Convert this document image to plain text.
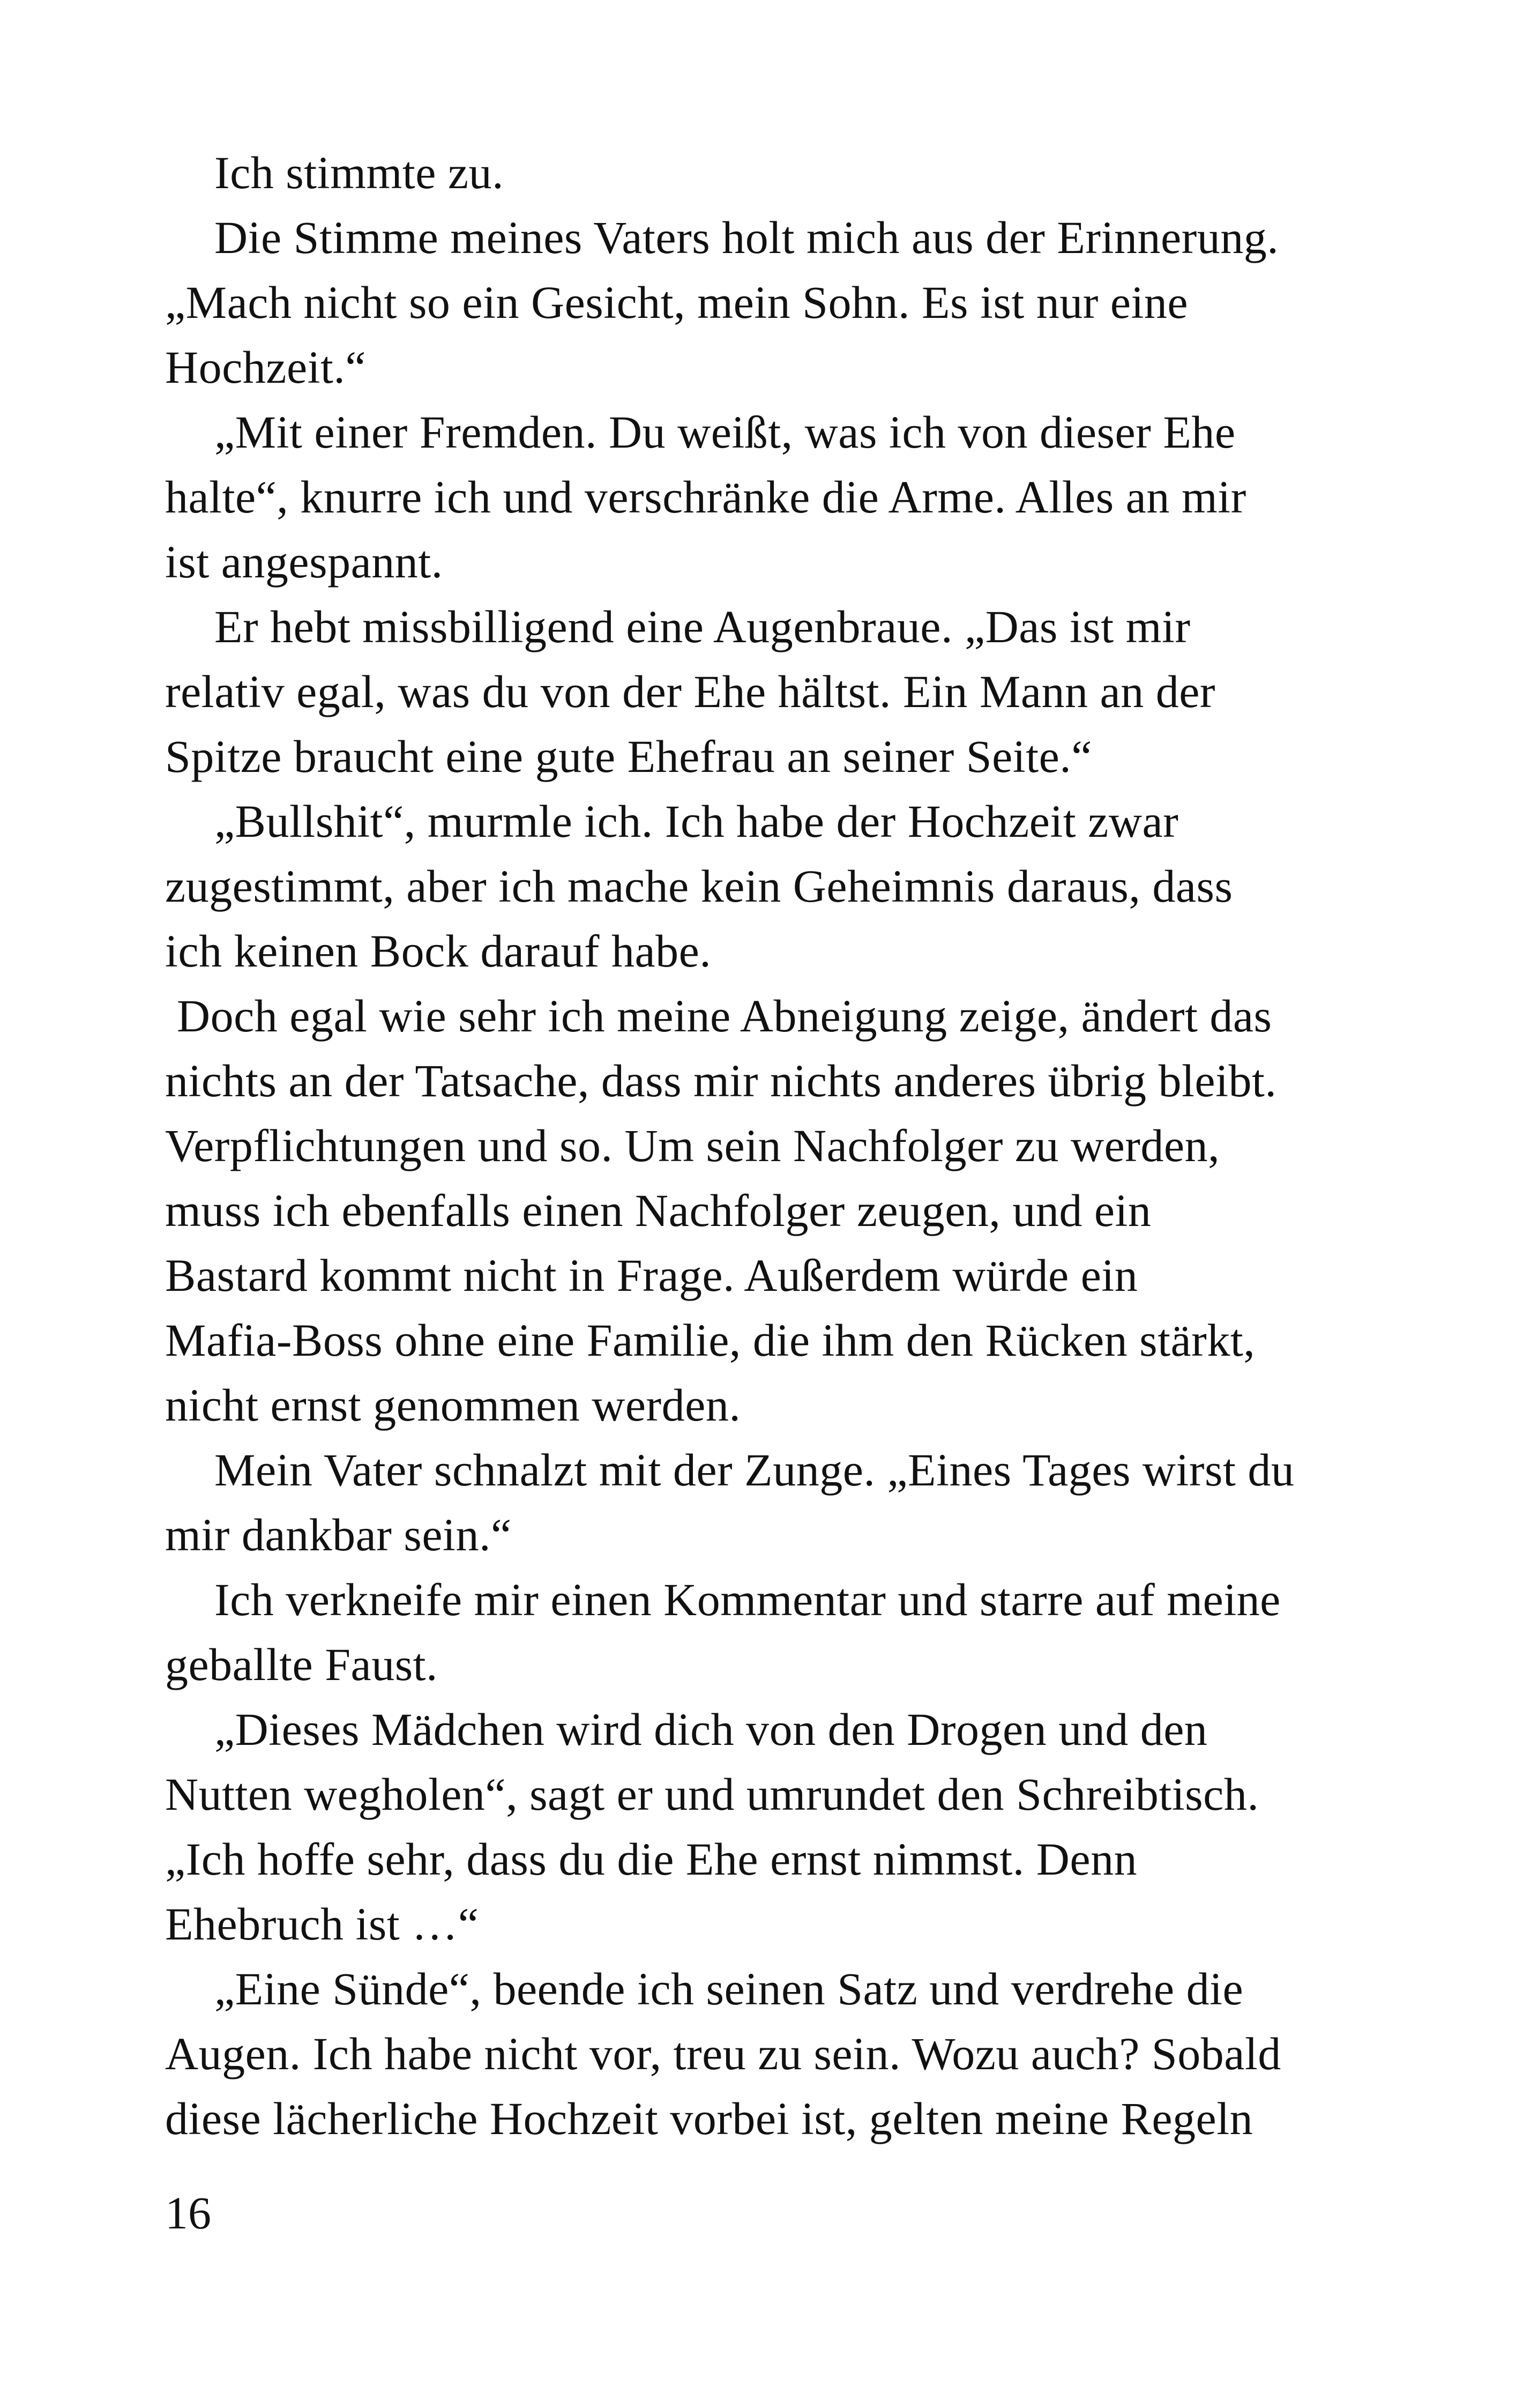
Ich stimmte zu.
Die Stimme meines Vaters holt mich aus der Erinnerung.
„Mach nicht so ein Gesicht, mein Sohn. Es ist nur eine
Hochzeit.“
„Mit einer Fremden. Du weißt, was ich von dieser Ehe
halte“, knurre ich und verschränke die Arme. Alles an mir
ist angespannt.
Er hebt missbilligend eine Augenbraue. „Das ist mir
relativ egal, was du von der Ehe hältst. Ein Mann an der
Spitze braucht eine gute Ehefrau an seiner Seite.“
„Bullshit“, murmle ich. Ich habe der Hochzeit zwar
zugestimmt, aber ich mache kein Geheimnis daraus, dass
ich keinen Bock darauf habe.
Doch egal wie sehr ich meine Abneigung zeige, ändert das
nichts an der Tatsache, dass mir nichts anderes übrig bleibt.
Verpflichtungen und so. Um sein Nachfolger zu werden,
muss ich ebenfalls einen Nachfolger zeugen, und ein
Bastard kommt nicht in Frage. Außerdem würde ein
Mafia-Boss ohne eine Familie, die ihm den Rücken stärkt,
nicht ernst genommen werden.
Mein Vater schnalzt mit der Zunge. „Eines Tages wirst du
mir dankbar sein.“
Ich verkneife mir einen Kommentar und starre auf meine
geballte Faust.
„Dieses Mädchen wird dich von den Drogen und den
Nutten wegholen“, sagt er und umrundet den Schreibtisch.
„Ich hoffe sehr, dass du die Ehe ernst nimmst. Denn
Ehebruch ist …“
„Eine Sünde“, beende ich seinen Satz und verdrehe die
Augen. Ich habe nicht vor, treu zu sein. Wozu auch? Sobald
diese lächerliche Hochzeit vorbei ist, gelten meine Regeln
16
